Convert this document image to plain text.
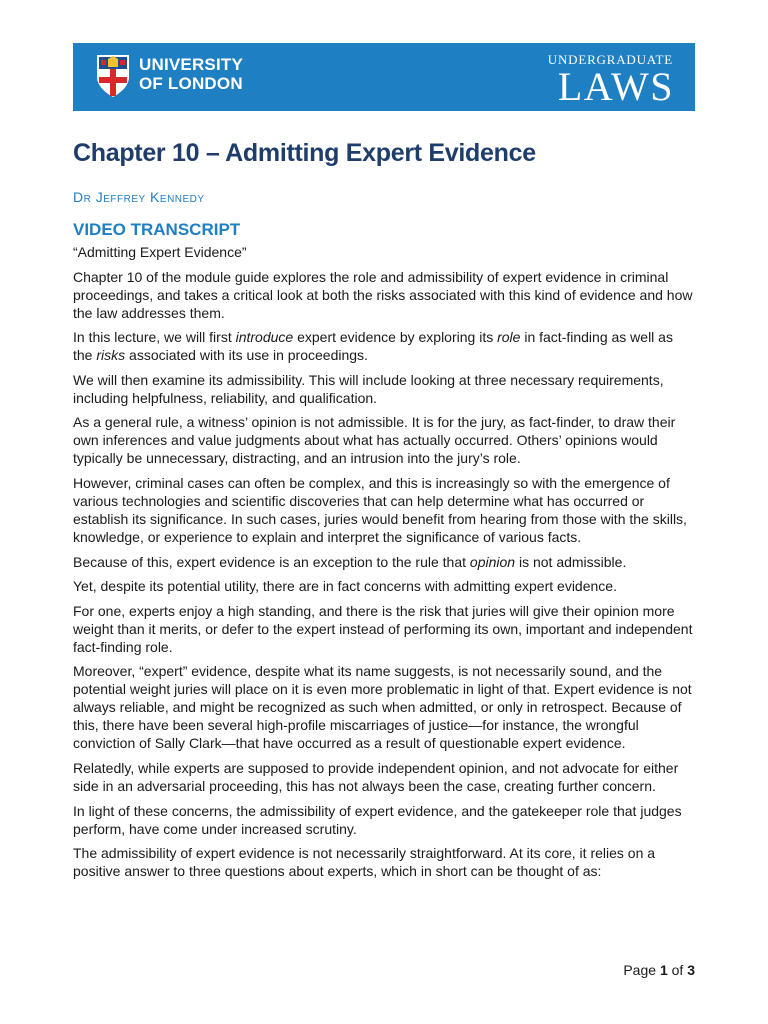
UNIVERSITY
OF LONDON
UNDERGRADUATE
LAWS
Chapter 10 – Admitting Expert Evidence
Dr Jeffrey Kennedy
VIDEO TRANSCRIPT

“Admitting Expert Evidence”

Chapter 10 of the module guide explores the role and admissibility of expert evidence in criminal proceedings, and takes a critical look at both the risks associated with this kind of evidence and how the law addresses them.

In this lecture, we will first introduce expert evidence by exploring its role in fact-finding as well as the risks associated with its use in proceedings.

We will then examine its admissibility. This will include looking at three necessary requirements, including helpfulness, reliability, and qualification.

As a general rule, a witness’ opinion is not admissible. It is for the jury, as fact-finder, to draw their own inferences and value judgments about what has actually occurred. Others’ opinions would typically be unnecessary, distracting, and an intrusion into the jury’s role.

However, criminal cases can often be complex, and this is increasingly so with the emergence of various technologies and scientific discoveries that can help determine what has occurred or establish its significance. In such cases, juries would benefit from hearing from those with the skills, knowledge, or experience to explain and interpret the significance of various facts.

Because of this, expert evidence is an exception to the rule that opinion is not admissible.

Yet, despite its potential utility, there are in fact concerns with admitting expert evidence.

For one, experts enjoy a high standing, and there is the risk that juries will give their opinion more weight than it merits, or defer to the expert instead of performing its own, important and independent fact-finding role.

Moreover, “expert” evidence, despite what its name suggests, is not necessarily sound, and the potential weight juries will place on it is even more problematic in light of that. Expert evidence is not always reliable, and might be recognized as such when admitted, or only in retrospect. Because of this, there have been several high-profile miscarriages of justice—for instance, the wrongful conviction of Sally Clark—that have occurred as a result of questionable expert evidence.

Relatedly, while experts are supposed to provide independent opinion, and not advocate for either side in an adversarial proceeding, this has not always been the case, creating further concern.

In light of these concerns, the admissibility of expert evidence, and the gatekeeper role that judges perform, have come under increased scrutiny.

The admissibility of expert evidence is not necessarily straightforward. At its core, it relies on a positive answer to three questions about experts, which in short can be thought of as:

Page 1 of 3
